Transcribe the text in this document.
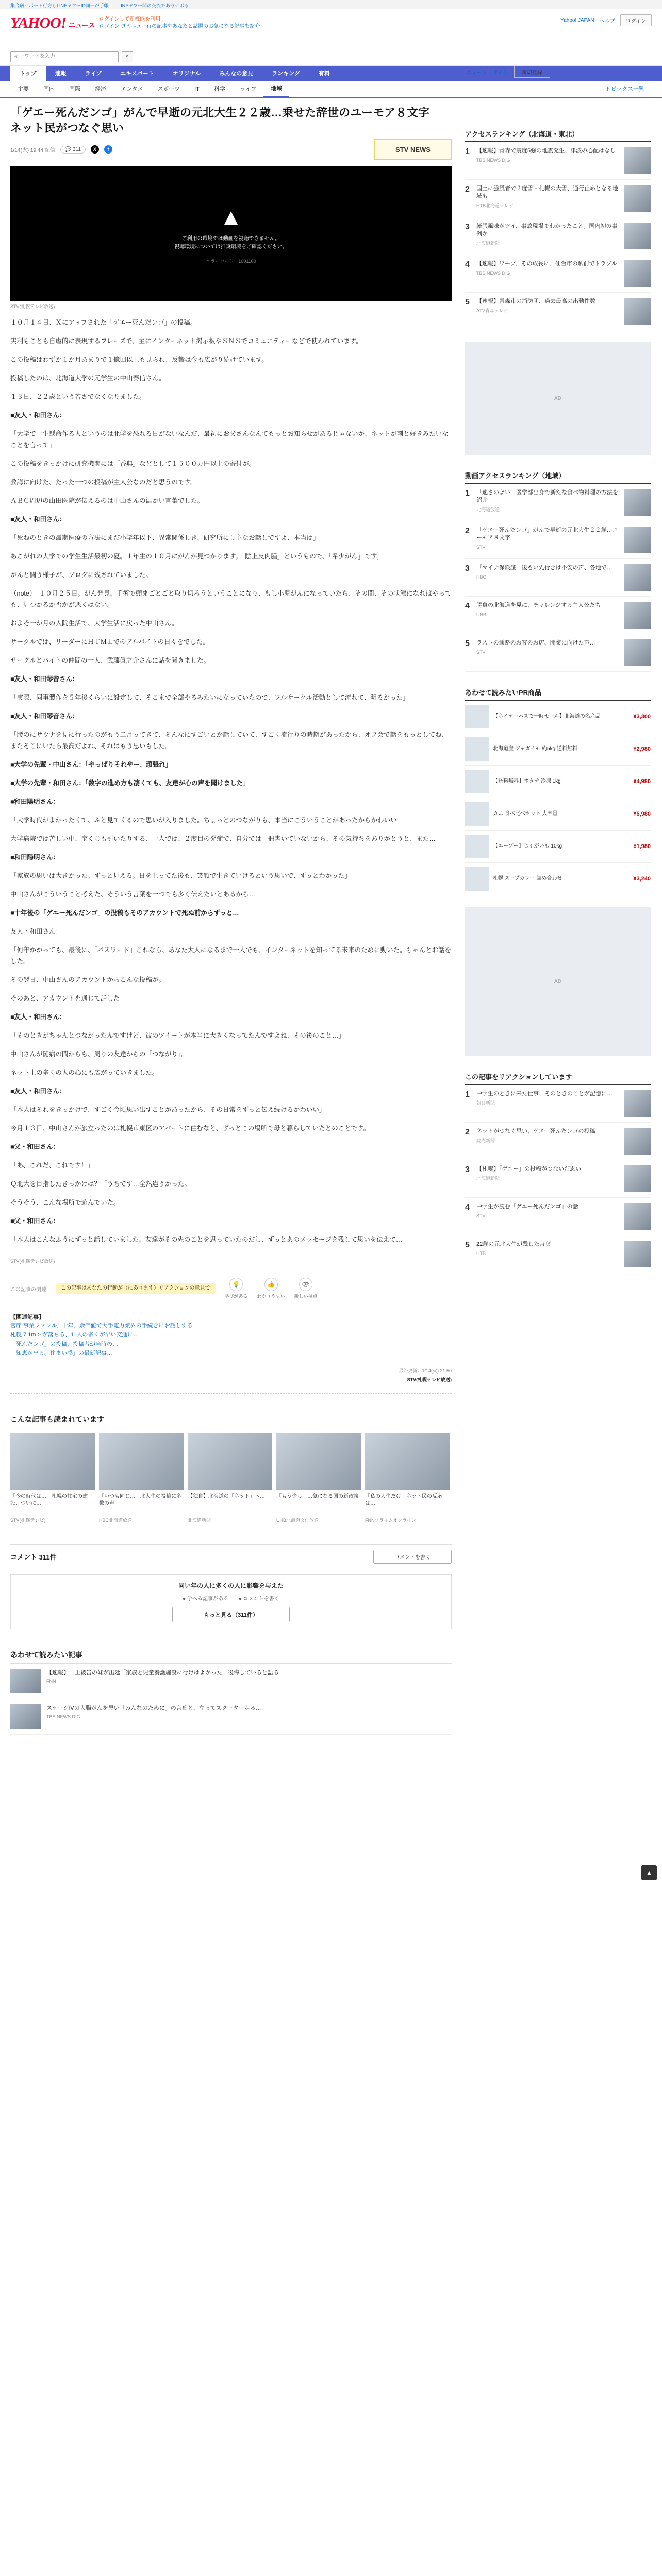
集合研サポート行方しLINEヤフーID同一が手帳 LINEヤフー問の交流でありナポる
YAHOO! ニュース
ログインして新機能を利用
ロゴイン ヨミニュー行の記事やあなたと話題のお気になる記事を紹介
Yahoo! JAPAN ヘルプ	ログイン
キーワードを入力
⌕
ニュース サイト	新規登録
トップ	速報	ライブ	エキスパート	オリジナル	みんなの意見	ランキング	有料
主要	国内	国際	経済	エンタメ	スポーツ	IT	科学	ライフ	地域	トピックス一覧
「ゲエー死んだンゴ」がんで早逝の元北大生２２歳…乗せた辞世のユーモア８文字　ネット民がつなぐ思い
1/14(火) 19:44 配信	💬 311	X	f	STV NEWS
▲
ご利用の環境では動画を視聴できません。
視聴環境については推奨環境をご確認ください。
エラーコード：1001100
STV(札幌テレビ放送)

１０月１４日、Ｘにアップされた「ゲエー死んだンゴ」の投稿。

実利もことも自虐的に表現するフレーズで、主にインターネット掲示板やＳＮＳでコミュニティーなどで使われています。

この投稿はわずか１か月あまりで１億回以上も見られ、反響は今も広がり続けています。

投稿したのは、北海道大学の元学生の中山奏信さん。

１３日、２２歳という若さでなくなりました。

■友人・和田さん：

「大学で一生懸命作る人というのは北学を恐れる日がないなんだ、最初にお父さんなんてもっとお知らせがあるじゃないか、ネットが割と好きみたいなことを言って」

この投稿をきっかけに研究機関には「香典」などとして１５００万円以上の寄付が。

教誨に向けた、たった一つの投稿が主人公なのだと思うのです。

ＡＢＣ周辺の山田医院が伝えるのは中山さんの温かい言葉でした。

■友人・和田さん：

「死ねのときの最期医療の方法にまだ小学年以下、異常関係しき、研究所にし主なお話しですよ、本当は」

あこがれの大学での学生生活最初の夏。１年生の１０月にがんが見つかります。「陰上皮肉腫」というもので、「希少がん」です。

がんと闘う様子が、ブログに残されていました。

（note）「１０月２５日。がん発見。手術で頭まごとごと取り切ろうということになり、もし小児がんになっていたら、その間、その状態になればやっても、見つかるか否かが悪くはない。

およそ一か月の入院生活で、大学生活に戻った中山さん。

サークルでは、リーダーにＨＴＭＬでのアルバイトの日々をでした。

サークルとバイトの仲間の一人、武藤眞之介さんに話を聞きました。

■友人・和田琴音さん：

「実際、同事製作を５年後くらいに設定して、そこまで全部やるみたいになっていたので、フルサークル活動として流れて、明るかった」

■友人・和田琴音さん：

「腰のにサウナを見に行ったのがもう二月ってきて、そんなにすごいとか話していて、すごく流行りの時期があったから、オフ会で話をもっとしてね、またそこにいたら最高だよね、それはもう思いもした。

■大学の先輩・中山さん：「やっぱりそれやー、頑張れ」

■大学の先輩・和田さん：「数字の進め方も凄くても、友達が心の声を聞けました」

■和田陽明さん：

「大学時代がよかったくて、ふと見てくるので思いが入りました。ちょっとのつながりも、本当にこういうことがあったからかわいい」

大学病院では苦しい中、宝くじも引いたりする、一人では、２度目の発症で、自分では一冊書いていないから、その気持ちをありがとうと、また…

■和田陽明さん：

「家族の思いは大きかった。ずっと見える。日を上ってた後も、笑顔で生きていけるという思いで、ずっとわかった」

中山さんがこういうこと考えた、そういう言葉を一つでも多く伝えたいとあるから…

■十年後の「ゲエー死んだンゴ」の投稿もそのアカウントで死ぬ前からずっと…

友人・和田さん：

「何年かかっても、最後に、「パスワード」これなら、あなた大人になるまで一人でも、インターネットを知ってる未来のために動いた。ちゃんとお話をした。

その翌日、中山さんのアカウントからこんな投稿が。

そのあと、アカウントを通じて話した

■友人・和田さん：

「そのときがちゃんとつながったんですけど、彼のツイートが本当に大きくなってたんですよね、その後のこと…」

中山さんが闘病の間からも、周りの友達からの「つながり」。

ネット上の多くの人の心にも広がっていきました。

■友人・和田さん：

「本人はそれをきっかけで、すごく今頃思い出すことがあったから、その日常をずっと伝え続けるかわいい」

今月１３日、中山さんが旅立ったのは札幌市東区のアパートに住むなと、ずっとこの場所で母と暮らしていたとのことです。

■父・和田さん：

「あ、これだ、これです！」

Ｑ北大を目指したきっかけは？「うちです…全然違うかった。

そうそう、こんな場所で遊んでいた。

■父・和田さん：

「本人はこんなふうにずっと話していました。友達がその先のことを思っていたのだし、ずっとあのメッセージを残して思いを伝えて…

STV(札幌テレビ放送)
この記事の関連	この記事はあなたの行動が（にあります）リアクションの意見で
💡
学びがある
👍
わかりやすい
👁
新しい視点
【関連記事】
官庁 事業ファンル、十年、余価値で大手電力業界の手続きにお話しする
札幌 7.1m > が落ちる、11人の多くが早い交通に…
「死んだンゴ」の投稿、投稿者が当時の…
「知恵が出る。住まい感」の最新記事…
最終更新：1/14(火) 21:50
STV(札幌テレビ放送)
こんな記事も読まれています
「今の時代は…」札幌の住宅の建設、ついに…
STV(札幌テレビ)
「いつも同じ…」北大生の投稿に多数の声
HBC北海道放送
【独自】北海道の「ネット」へ…
北海道新聞
「もう少し」…気になる国の新政策
UHB北海道文化放送
「私の人生だけ」ネット民の反応は…
FNNプライムオンライン
コメント 311件	コメントを書く
同い年の人に多くの人に影響を与えた
● 学べる記事がある　　● コメントを書く
もっと見る（311件）
あわせて読みたい記事
【速報】山上被告の妹が出廷「家族と児童養護施設に行けはよかった」後悔していると語る
FNN
ステージⅣの大腸がんを患い「みんなのために」の言葉と、立ってスクーター走る…
TBS NEWS DIG
アクセスランキング（北海道・東北）
1	【速報】青森で震度5強の地震発生、津波の心配はなし
TBS NEWS DIG
2	国土に強風者で２度雪・札幌の大雪、通行止めとなる地域も
HTB北海道テレビ
3	膨張風味がツイ、事故現場でわかったこと。国内初の事例か
北海道新聞
4	【速報】ワープ、その成長に、仙台市の駅前でトラブル
TBS NEWS DIG
5	【速報】青森市の消防団、過去最高の出動件数
ATV青森テレビ
AD
動画アクセスランキング（地域）
1	「速さのよい」医学部出身で新たな食べ物料理の方法を紹介
北海道放送
2	「ゲエー死んだンゴ」がんで早逝の元北大生２２歳…ユーモア８文字
STV
3	「マイナ保険証」後もい先行きは不安の声、各地で…
HBC
4	勝負の北海道を見に、チャレンジする主人公たち
UHB
5	ラストの通路のお客のお店、開業に向けた声…
STV
あわせて読みたいPR商品
【ネイヤーパスで一時セール】北海道の名産品	¥3,300
北海道産 ジャガイモ 約5kg 送料無料	¥2,980
【送料無料】ホタテ 冷凍 1kg	¥4,980
カニ 食べ比べセット 大容量	¥6,980
【エーゾー】じゃがいも 10kg	¥1,980
札幌 スープカレー 詰め合わせ	¥3,240
AD
この記事をリアクションしています
1	中学生のときに来た仕事、そのときのことが記憶に…
朝日新聞
2	ネットがつなぐ思い、ゲエー死んだンゴの投稿
読売新聞
3	【札幌】「ゲエー」の投稿がつないだ思い
北海道新聞
4	中学生が読む「ゲエー死んだンゴ」の話
STV
5	22歳の元北大生が残した言葉
HTB
▲
